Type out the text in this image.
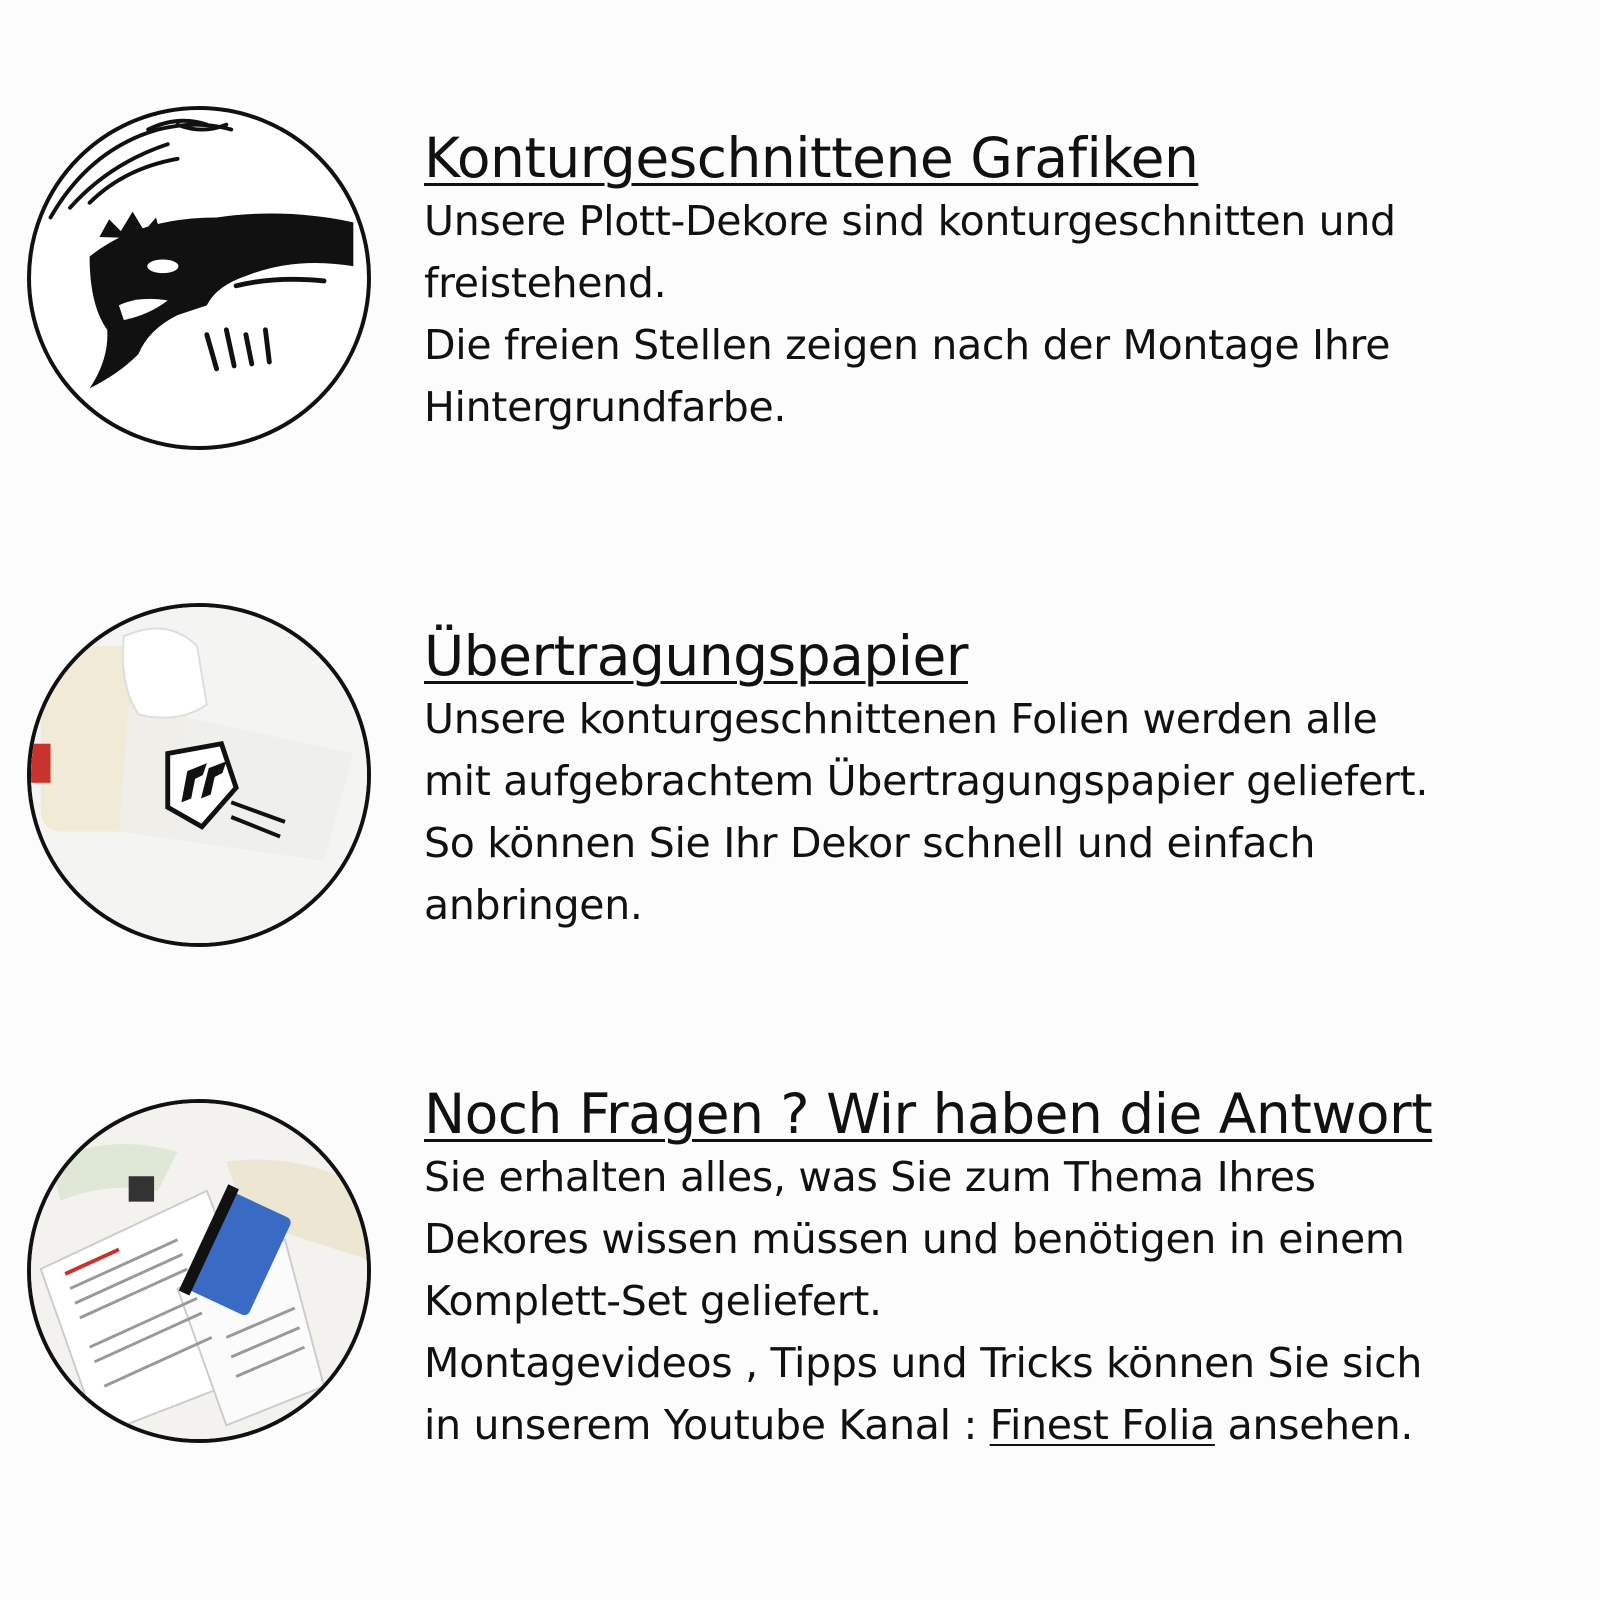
Konturgeschnittene Grafiken
Unsere Plott-Dekore sind konturgeschnitten und
freistehend.
Die freien Stellen zeigen nach der Montage Ihre
Hintergrundfarbe.
Übertragungspapier
Unsere konturgeschnittenen Folien werden alle
mit aufgebrachtem Übertragungspapier geliefert.
So können Sie Ihr Dekor schnell und einfach
anbringen.
Noch Fragen ? Wir haben die Antwort
Sie erhalten alles, was Sie zum Thema Ihres
Dekores wissen müssen und benötigen in einem
Komplett-Set geliefert.
Montagevideos , Tipps und Tricks können Sie sich
in unserem Youtube Kanal : Finest Folia ansehen.
